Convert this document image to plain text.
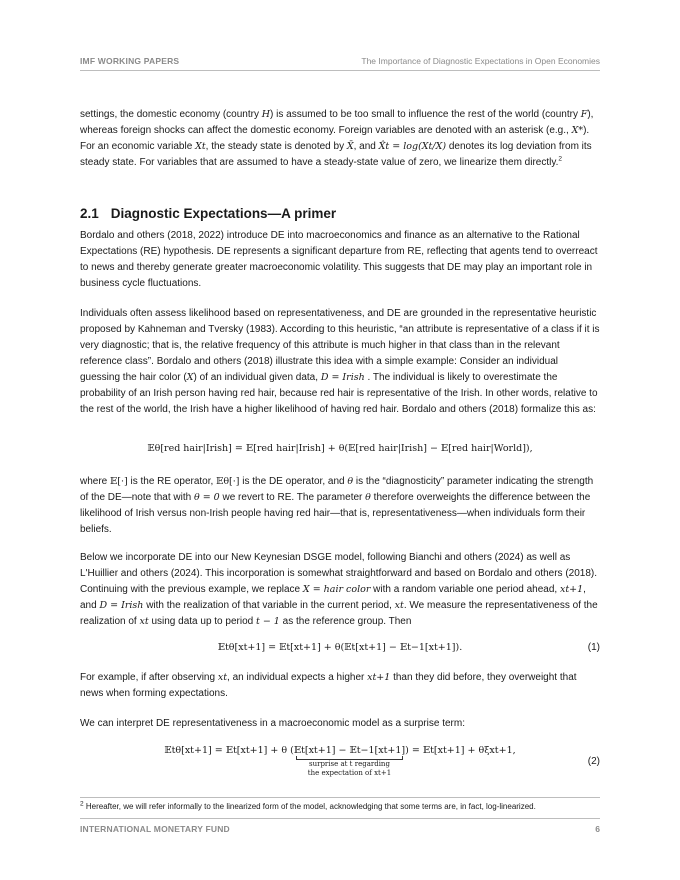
IMF WORKING PAPERS	The Importance of Diagnostic Expectations in Open Economies

settings, the domestic economy (country H) is assumed to be too small to influence the rest of the world (country F), whereas foreign shocks can affect the domestic economy. Foreign variables are denoted with an asterisk (e.g., X*). For an economic variable Xt, the steady state is denoted by X̄, and X̂t = log(Xt/X) denotes its log deviation from its steady state. For variables that are assumed to have a steady-state value of zero, we linearize them directly.$^2$

2.1 Diagnostic Expectations—A primer

Bordalo and others (2018, 2022) introduce DE into macroeconomics and finance as an alternative to the Rational Expectations (RE) hypothesis. DE represents a significant departure from RE, reflecting that agents tend to overreact to news and thereby generate greater macroeconomic volatility. This suggests that DE may play an important role in business cycle fluctuations.

Individuals often assess likelihood based on representativeness, and DE are grounded in the representative heuristic proposed by Kahneman and Tversky (1983). According to this heuristic, “an attribute is representative of a class if it is very diagnostic; that is, the relative frequency of this attribute is much higher in that class than in the relevant reference class”. Bordalo and others (2018) illustrate this idea with a simple example: Consider an individual guessing the hair color (X) of an individual given data, D = Irish . The individual is likely to overestimate the probability of an Irish person having red hair, because red hair is representative of the Irish. In other words, relative to the rest of the world, the Irish have a higher likelihood of having red hair. Bordalo and others (2018) formalize this as:

𝔼θ[red hair|Irish] = 𝔼[red hair|Irish] + θ(𝔼[red hair|Irish] − 𝔼[red hair|World]),

where 𝔼[·] is the RE operator, 𝔼θ[·] is the DE operator, and θ is the “diagnosticity” parameter indicating the strength of the DE—note that with θ = 0 we revert to RE. The parameter θ therefore overweights the difference between the likelihood of Irish versus non-Irish people having red hair—that is, representativeness—when individuals form their beliefs.

Below we incorporate DE into our New Keynesian DSGE model, following Bianchi and others (2024) as well as L'Huillier and others (2024). This incorporation is somewhat straightforward and based on Bordalo and others (2018). Continuing with the previous example, we replace X = hair color with a random variable one period ahead, xt+1, and D = Irish with the realization of that variable in the current period, xt. We measure the representativeness of the realization of xt using data up to period t − 1 as the reference group. Then

𝔼tθ[xt+1] = 𝔼t[xt+1] + θ(𝔼t[xt+1] − 𝔼t−1[xt+1]).	(1)

For example, if after observing xt, an individual expects a higher xt+1 than they did before, they overweight that news when forming expectations.

We can interpret DE representativeness in a macroeconomic model as a surprise term:

𝔼tθ[xt+1] = 𝔼t[xt+1] + θ (𝔼t[xt+1] − 𝔼t−1[xt+1]
surprise at t regarding
the expectation of xt+1
) = 𝔼t[xt+1] + θξxt+1,
(2)
$^2$ Hereafter, we will refer informally to the linearized form of the model, acknowledging that some terms are, in fact, log-linearized.
INTERNATIONAL MONETARY FUND	6
